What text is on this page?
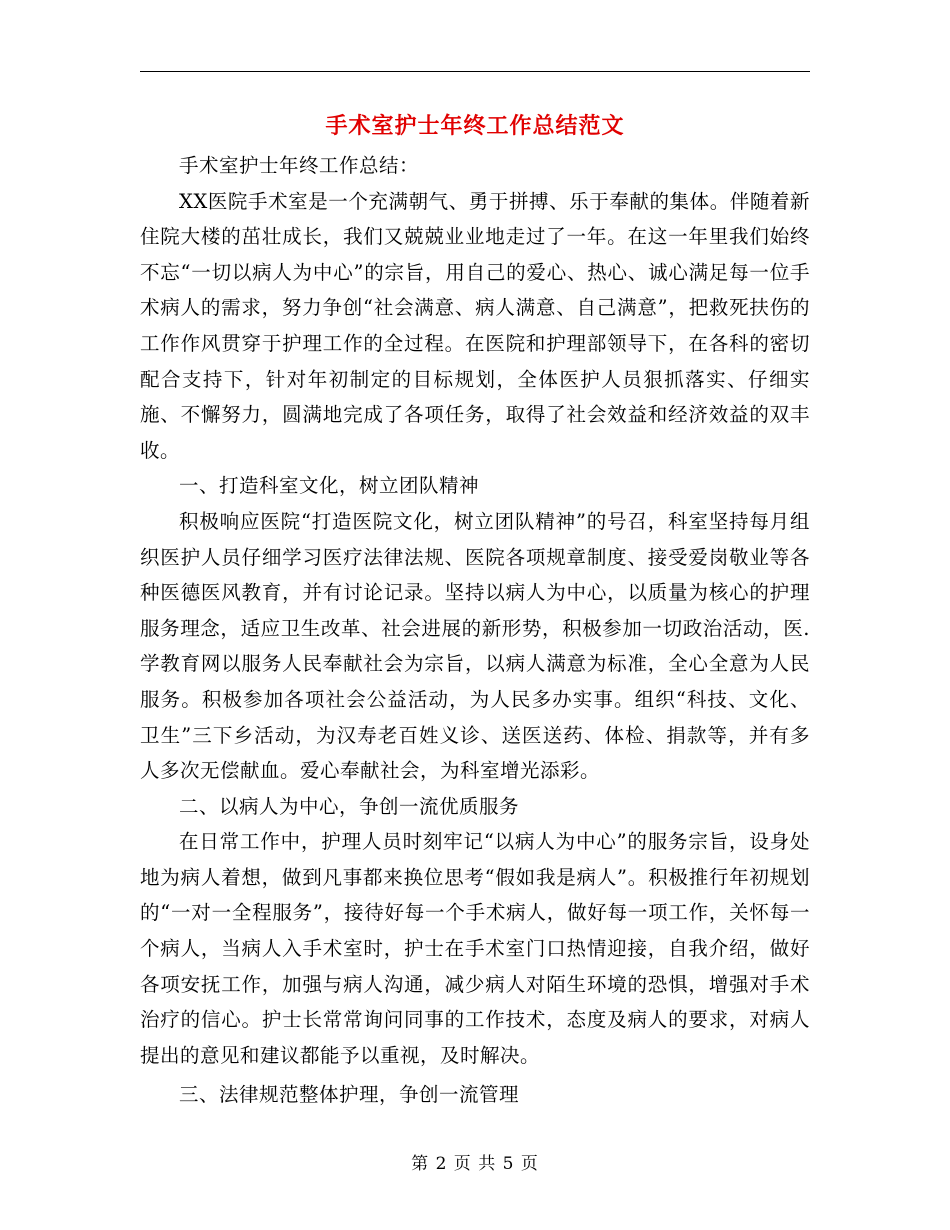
手术室护士年终工作总结范文

手术室护士年终工作总结：

XX医院手术室是一个充满朝气、勇于拼搏、乐于奉献的集体。伴随着新住院大楼的茁壮成长，我们又兢兢业业地走过了一年。在这一年里我们始终不忘“一切以病人为中心”的宗旨，用自己的爱心、热心、诚心满足每一位手术病人的需求，努力争创“社会满意、病人满意、自己满意”，把救死扶伤的工作作风贯穿于护理工作的全过程。在医院和护理部领导下，在各科的密切配合支持下，针对年初制定的目标规划，全体医护人员狠抓落实、仔细实施、不懈努力，圆满地完成了各项任务，取得了社会效益和经济效益的双丰收。

一、打造科室文化，树立团队精神

积极响应医院“打造医院文化，树立团队精神”的号召，科室坚持每月组织医护人员仔细学习医疗法律法规、医院各项规章制度、接受爱岗敬业等各种医德医风教育，并有讨论记录。坚持以病人为中心，以质量为核心的护理服务理念，适应卫生改革、社会进展的新形势，积极参加一切政治活动，医.学教育网以服务人民奉献社会为宗旨，以病人满意为标准，全心全意为人民服务。积极参加各项社会公益活动，为人民多办实事。组织“科技、文化、卫生”三下乡活动，为汉寿老百姓义诊、送医送药、体检、捐款等，并有多人多次无偿献血。爱心奉献社会，为科室增光添彩。

二、以病人为中心，争创一流优质服务

在日常工作中，护理人员时刻牢记“以病人为中心”的服务宗旨，设身处地为病人着想，做到凡事都来换位思考“假如我是病人”。积极推行年初规划的“一对一全程服务”，接待好每一个手术病人，做好每一项工作，关怀每一个病人，当病人入手术室时，护士在手术室门口热情迎接，自我介绍，做好各项安抚工作，加强与病人沟通，减少病人对陌生环境的恐惧，增强对手术治疗的信心。护士长常常询问同事的工作技术，态度及病人的要求，对病人提出的意见和建议都能予以重视，及时解决。

三、法律规范整体护理，争创一流管理

第 2 页 共 5 页
